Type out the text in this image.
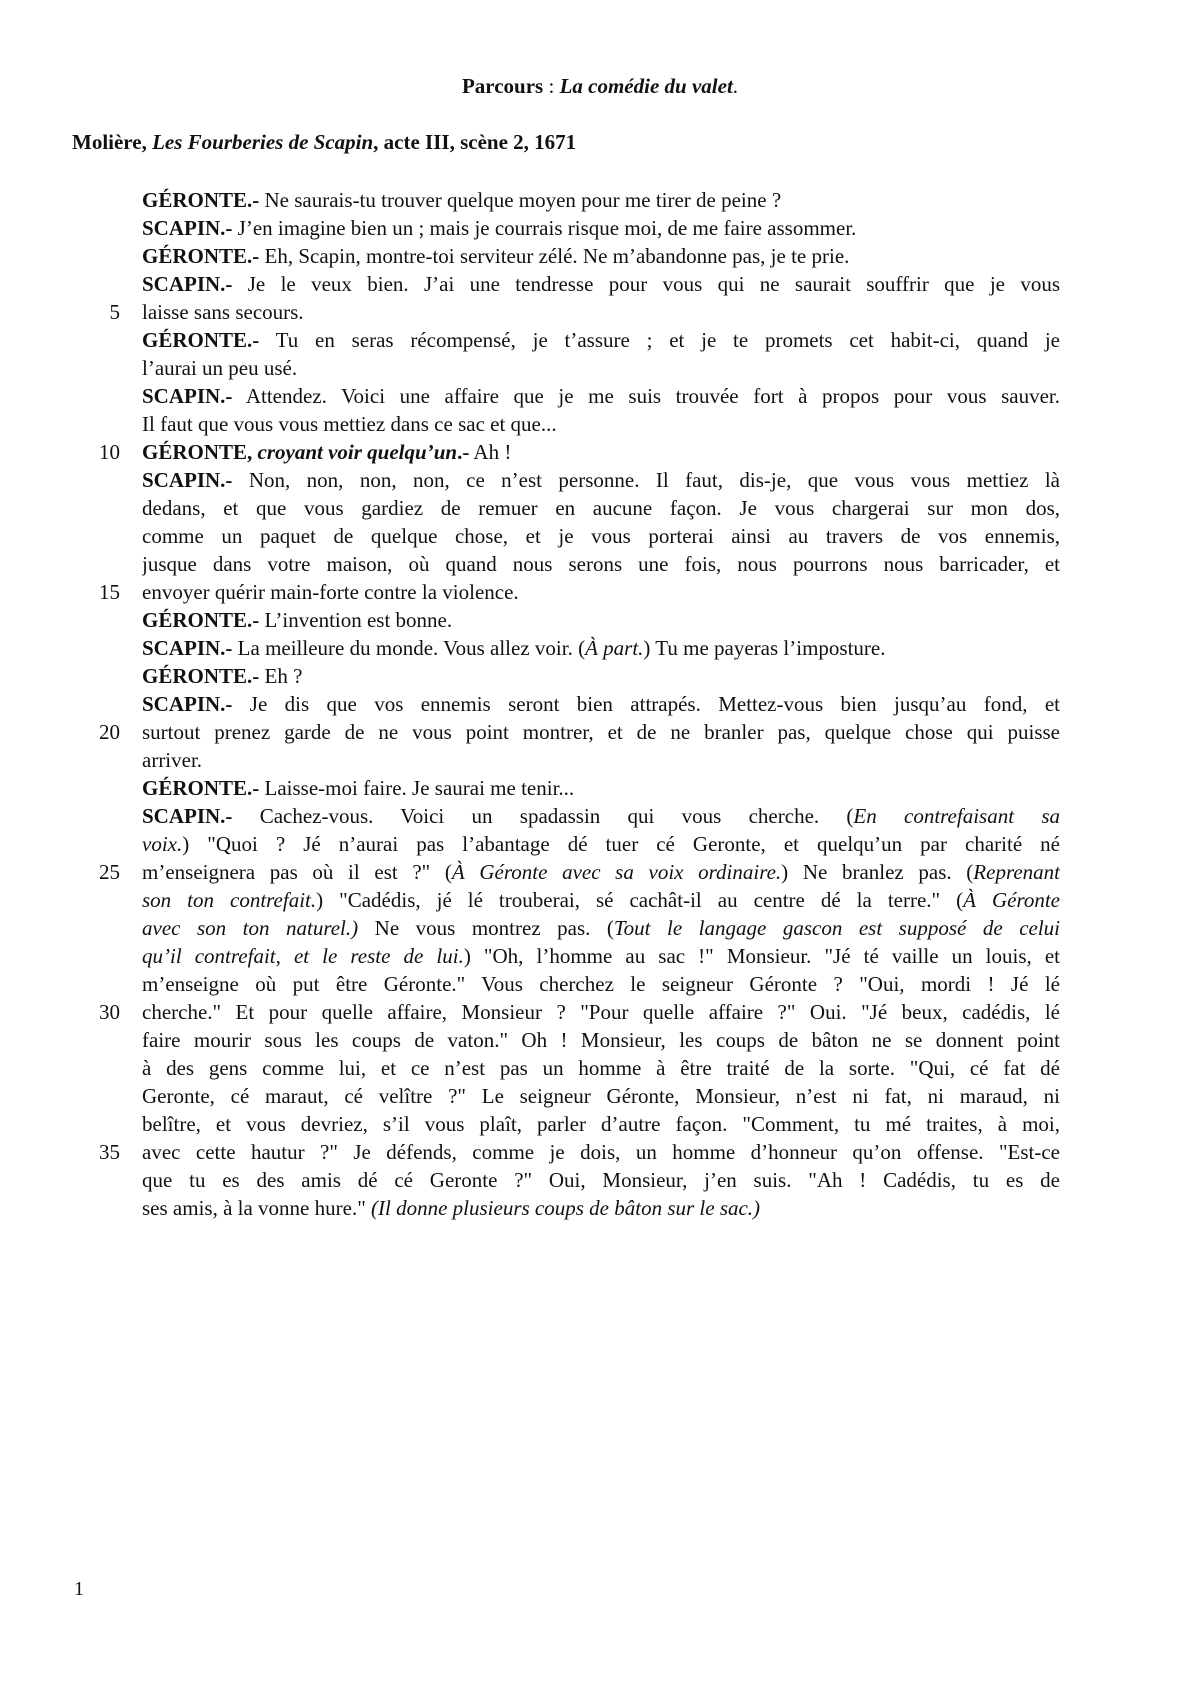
Parcours : La comédie du valet.
Molière, Les Fourberies de Scapin, acte III, scène 2, 1671
5
10
15
20
25
30
35
GÉRONTE.- Ne saurais-tu trouver quelque moyen pour me tirer de peine ?
SCAPIN.- J’en imagine bien un ; mais je courrais risque moi, de me faire assommer.
GÉRONTE.- Eh, Scapin, montre-toi serviteur zélé. Ne m’abandonne pas, je te prie.
SCAPIN.- Je le veux bien. J’ai une tendresse pour vous qui ne saurait souffrir que je vous
laisse sans secours.
GÉRONTE.- Tu en seras récompensé, je t’assure ; et je te promets cet habit-ci, quand je
l’aurai un peu usé.
SCAPIN.- Attendez. Voici une affaire que je me suis trouvée fort à propos pour vous sauver.
Il faut que vous vous mettiez dans ce sac et que...
GÉRONTE, croyant voir quelqu’un.- Ah !
SCAPIN.- Non, non, non, non, ce n’est personne. Il faut, dis-je, que vous vous mettiez là
dedans, et que vous gardiez de remuer en aucune façon. Je vous chargerai sur mon dos,
comme un paquet de quelque chose, et je vous porterai ainsi au travers de vos ennemis,
jusque dans votre maison, où quand nous serons une fois, nous pourrons nous barricader, et
envoyer quérir main-forte contre la violence.
GÉRONTE.- L’invention est bonne.
SCAPIN.- La meilleure du monde. Vous allez voir. (À part.) Tu me payeras l’imposture.
GÉRONTE.- Eh ?
SCAPIN.- Je dis que vos ennemis seront bien attrapés. Mettez-vous bien jusqu’au fond, et
surtout prenez garde de ne vous point montrer, et de ne branler pas, quelque chose qui puisse
arriver.
GÉRONTE.- Laisse-moi faire. Je saurai me tenir...
SCAPIN.- Cachez-vous. Voici un spadassin qui vous cherche. (En contrefaisant sa
voix.) "Quoi ? Jé n’aurai pas l’abantage dé tuer cé Geronte, et quelqu’un par charité né
m’enseignera pas où il est ?" (À Géronte avec sa voix ordinaire.) Ne branlez pas. (Reprenant
son ton contrefait.) "Cadédis, jé lé trouberai, sé cachât-il au centre dé la terre." (À Géronte
avec son ton naturel.) Ne vous montrez pas. (Tout le langage gascon est supposé de celui
qu’il contrefait, et le reste de lui.) "Oh, l’homme au sac !" Monsieur. "Jé té vaille un louis, et
m’enseigne où put être Géronte." Vous cherchez le seigneur Géronte ? "Oui, mordi ! Jé lé
cherche." Et pour quelle affaire, Monsieur ? "Pour quelle affaire ?" Oui. "Jé beux, cadédis, lé
faire mourir sous les coups de vaton." Oh ! Monsieur, les coups de bâton ne se donnent point
à des gens comme lui, et ce n’est pas un homme à être traité de la sorte. "Qui, cé fat dé
Geronte, cé maraut, cé velître ?" Le seigneur Géronte, Monsieur, n’est ni fat, ni maraud, ni
belître, et vous devriez, s’il vous plaît, parler d’autre façon. "Comment, tu mé traites, à moi,
avec cette hautur ?" Je défends, comme je dois, un homme d’honneur qu’on offense. "Est-ce
que tu es des amis dé cé Geronte ?" Oui, Monsieur, j’en suis. "Ah ! Cadédis, tu es de
ses amis, à la vonne hure." (Il donne plusieurs coups de bâton sur le sac.)
1
